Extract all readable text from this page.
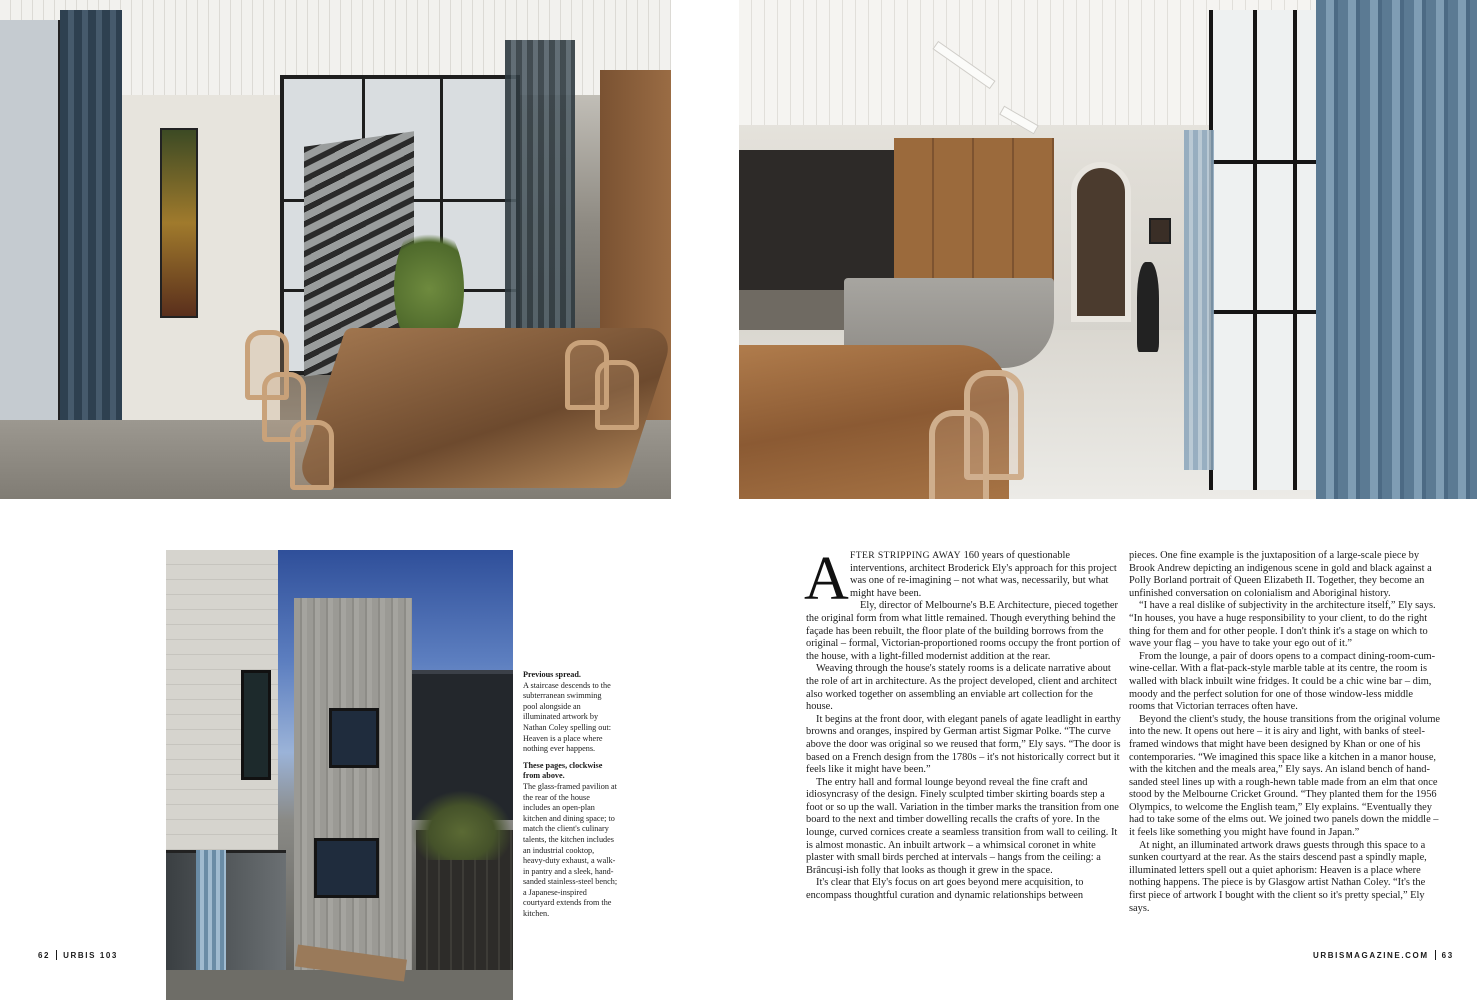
Previous spread.
A staircase descends to the subterranean swimming pool alongside an illuminated artwork by Nathan Coley spelling out: Heaven is a place where nothing ever happens.
These pages, clockwise from above.
The glass-framed pavilion at the rear of the house includes an open-plan kitchen and dining space; to match the client's culinary talents, the kitchen includes an industrial cooktop, heavy-duty exhaust, a walk-in pantry and a sleek, hand-sanded stainless-steel bench; a Japanese-inspired courtyard extends from the kitchen.

AFTER STRIPPING AWAY 160 years of questionable interventions, architect Broderick Ely's approach for this project was one of re-imagining – not what was, necessarily, but what might have been.

Ely, director of Melbourne's B.E Architecture, pieced together the original form from what little remained. Though everything behind the façade has been rebuilt, the floor plate of the building borrows from the original – formal, Victorian-proportioned rooms occupy the front portion of the house, with a light-filled modernist addition at the rear.

Weaving through the house's stately rooms is a delicate narrative about the role of art in architecture. As the project developed, client and architect also worked together on assembling an enviable art collection for the house.

It begins at the front door, with elegant panels of agate leadlight in earthy browns and oranges, inspired by German artist Sigmar Polke. “The curve above the door was original so we reused that form,” Ely says. “The door is based on a French design from the 1780s – it's not historically correct but it feels like it might have been.”

The entry hall and formal lounge beyond reveal the fine craft and idiosyncrasy of the design. Finely sculpted timber skirting boards step a foot or so up the wall. Variation in the timber marks the transition from one board to the next and timber dowelling recalls the crafts of yore. In the lounge, curved cornices create a seamless transition from wall to ceiling. It is almost monastic. An inbuilt artwork – a whimsical coronet in white plaster with small birds perched at intervals – hangs from the ceiling: a Brâncuși-ish folly that looks as though it grew in the space.

It's clear that Ely's focus on art goes beyond mere acquisition, to encompass thoughtful curation and dynamic relationships between

pieces. One fine example is the juxtaposition of a large-scale piece by Brook Andrew depicting an indigenous scene in gold and black against a Polly Borland portrait of Queen Elizabeth II. Together, they become an unfinished conversation on colonialism and Aboriginal history.

“I have a real dislike of subjectivity in the architecture itself,” Ely says. “In houses, you have a huge responsibility to your client, to do the right thing for them and for other people. I don't think it's a stage on which to wave your flag – you have to take your ego out of it.”

From the lounge, a pair of doors opens to a compact dining-room-cum-wine-cellar. With a flat-pack-style marble table at its centre, the room is walled with black inbuilt wine fridges. It could be a chic wine bar – dim, moody and the perfect solution for one of those window-less middle rooms that Victorian terraces often have.

Beyond the client's study, the house transitions from the original volume into the new. It opens out here – it is airy and light, with banks of steel-framed windows that might have been designed by Khan or one of his contemporaries. “We imagined this space like a kitchen in a manor house, with the kitchen and the meals area,” Ely says. An island bench of hand-sanded steel lines up with a rough-hewn table made from an elm that once stood by the Melbourne Cricket Ground. “They planted them for the 1956 Olympics, to welcome the English team,” Ely explains. “Eventually they had to take some of the elms out. We joined two panels down the middle – it feels like something you might have found in Japan.”

At night, an illuminated artwork draws guests through this space to a sunken courtyard at the rear. As the stairs descend past a spindly maple, illuminated letters spell out a quiet aphorism: Heaven is a place where nothing happens. The piece is by Glasgow artist Nathan Coley. “It's the first piece of artwork I bought with the client so it's pretty special,” Ely says.

62 URBIS 103	URBISMAGAZINE.COM 63
